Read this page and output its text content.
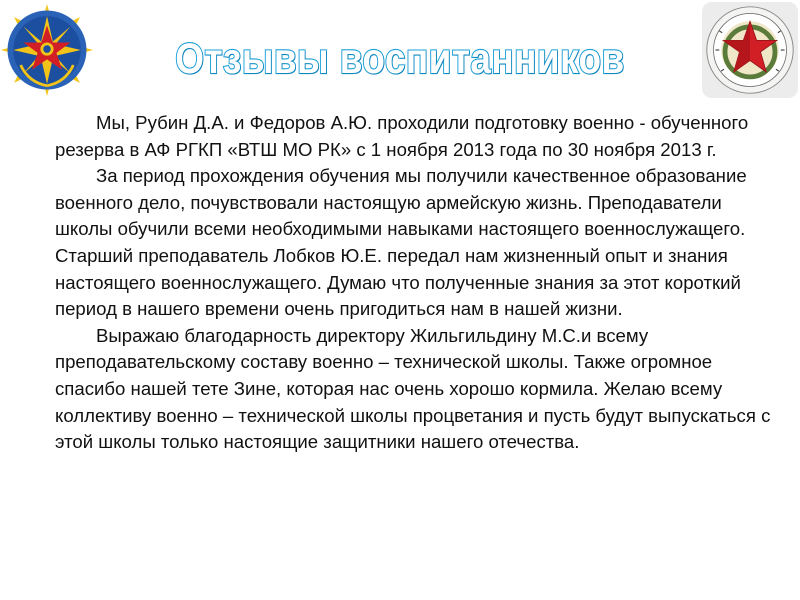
Отзывы воспитанников

Мы, Рубин Д.А. и Федоров А.Ю. проходили подготовку военно - обученного резерва в АФ РГКП «ВТШ МО РК» с 1 ноября 2013 года по 30 ноября 2013 г.

За период прохождения обучения мы получили качественное образование военного дело, почувствовали настоящую армейскую жизнь. Преподаватели школы обучили всеми необходимыми навыками настоящего военнослужащего. Старший преподаватель Лобков Ю.Е. передал нам жизненный опыт и знания настоящего военнослужащего. Думаю что полученные знания за этот короткий период в нашего времени очень пригодиться нам в нашей жизни.

Выражаю благодарность директору Жильгильдину М.С.и всему преподавательскому составу военно – технической школы. Также огромное спасибо нашей тете Зине, которая нас очень хорошо кормила. Желаю всему коллективу военно – технической школы процветания и пусть будут выпускаться с этой школы только настоящие защитники нашего отечества.
